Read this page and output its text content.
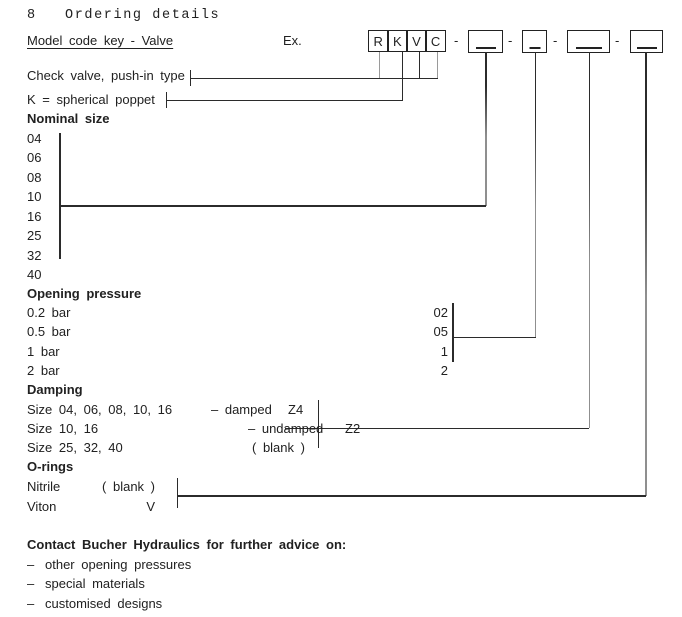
8 Ordering details
Model code key - Valve	Ex.	R K V C	-	-	-	-
Check valve, push-in type
K = spherical poppet
Nominal size
04
06
08
10
16
25
32
40
Opening pressure
0.2 bar	02
0.5 bar	05
1 bar	1
2 bar	2
Damping
Size 04, 06, 08, 10, 16	– damped Z4
Size 10, 16	– undamped Z2
Size 25, 32, 40	( blank )
O-rings
Nitrile	( blank )
Viton	V
Contact Bucher Hydraulics for further advice on:
– other opening pressures
– special materials
– customised designs
